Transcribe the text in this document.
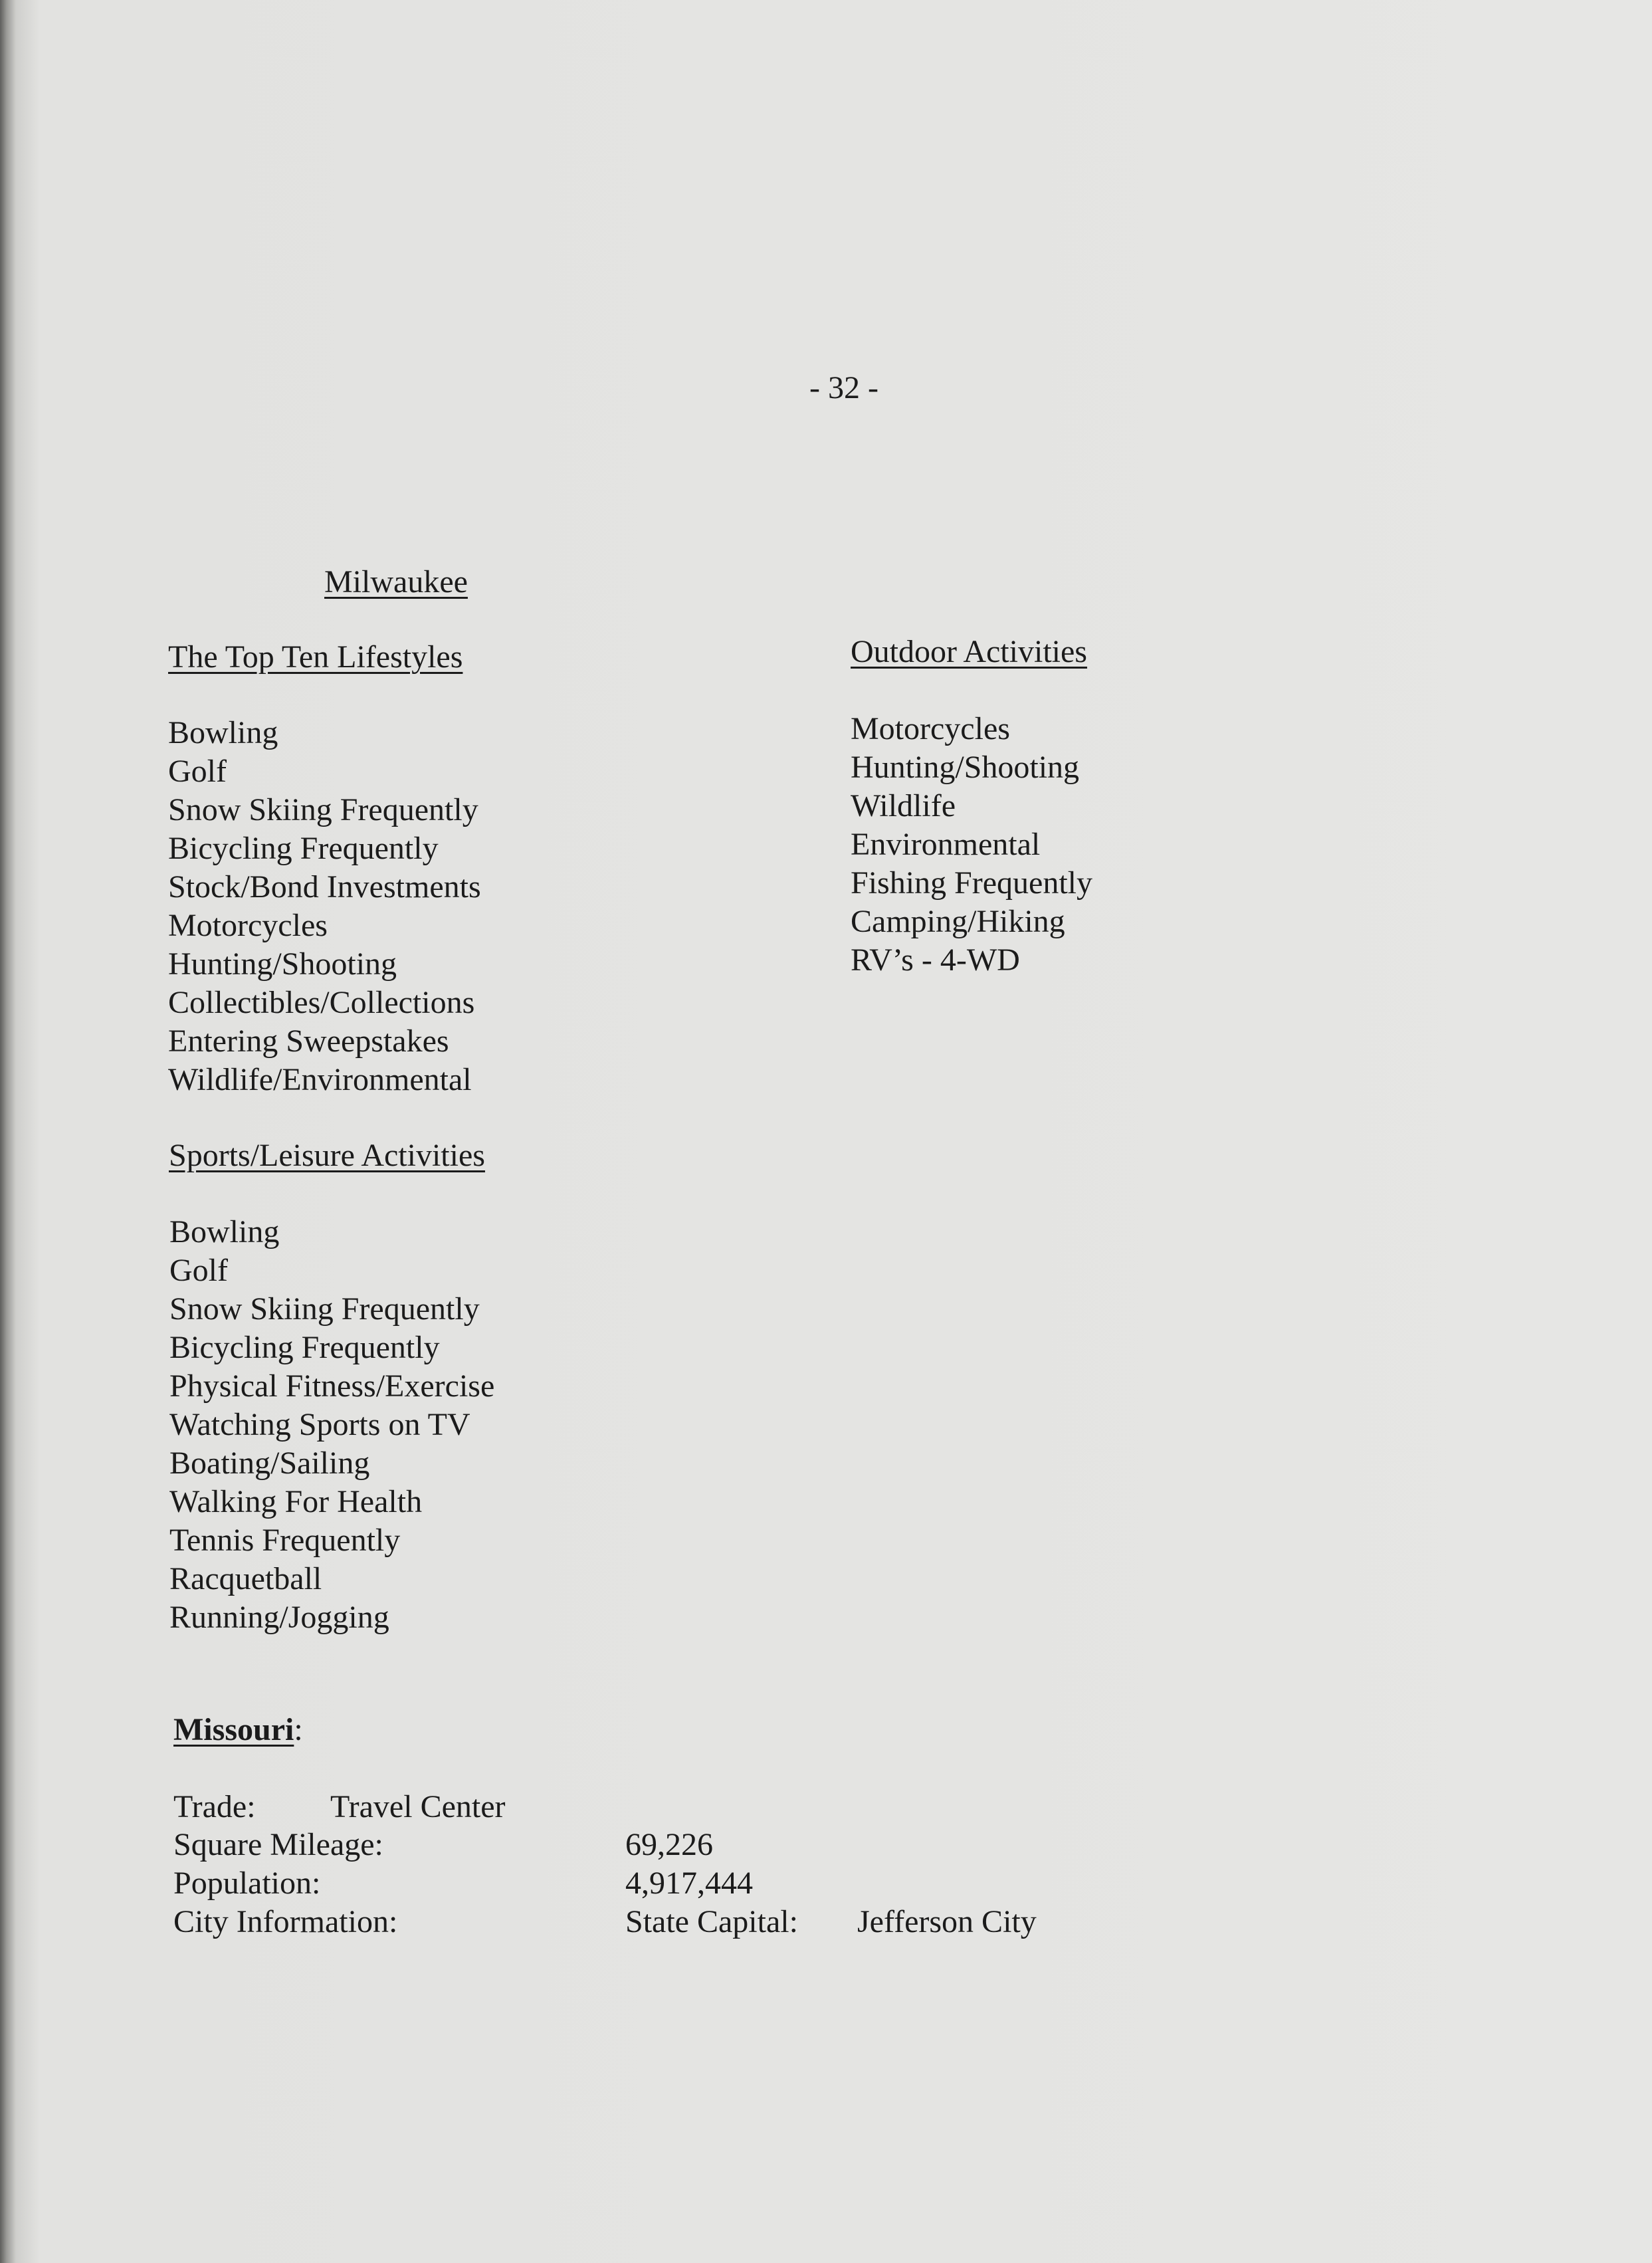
- 32 -
Milwaukee
The Top Ten Lifestyles
Bowling
Golf
Snow Skiing Frequently
Bicycling Frequently
Stock/Bond Investments
Motorcycles
Hunting/Shooting
Collectibles/Collections
Entering Sweepstakes
Wildlife/Environmental
Outdoor Activities
Motorcycles
Hunting/Shooting
Wildlife
Environmental
Fishing Frequently
Camping/Hiking
RV’s - 4-WD
Sports/Leisure Activities
Bowling
Golf
Snow Skiing Frequently
Bicycling Frequently
Physical Fitness/Exercise
Watching Sports on TV
Boating/Sailing
Walking For Health
Tennis Frequently
Racquetball
Running/Jogging
Missouri:
Trade: Travel Center
Square Mileage:	69,226
Population:	4,917,444
City Information:	State Capital: Jefferson City
